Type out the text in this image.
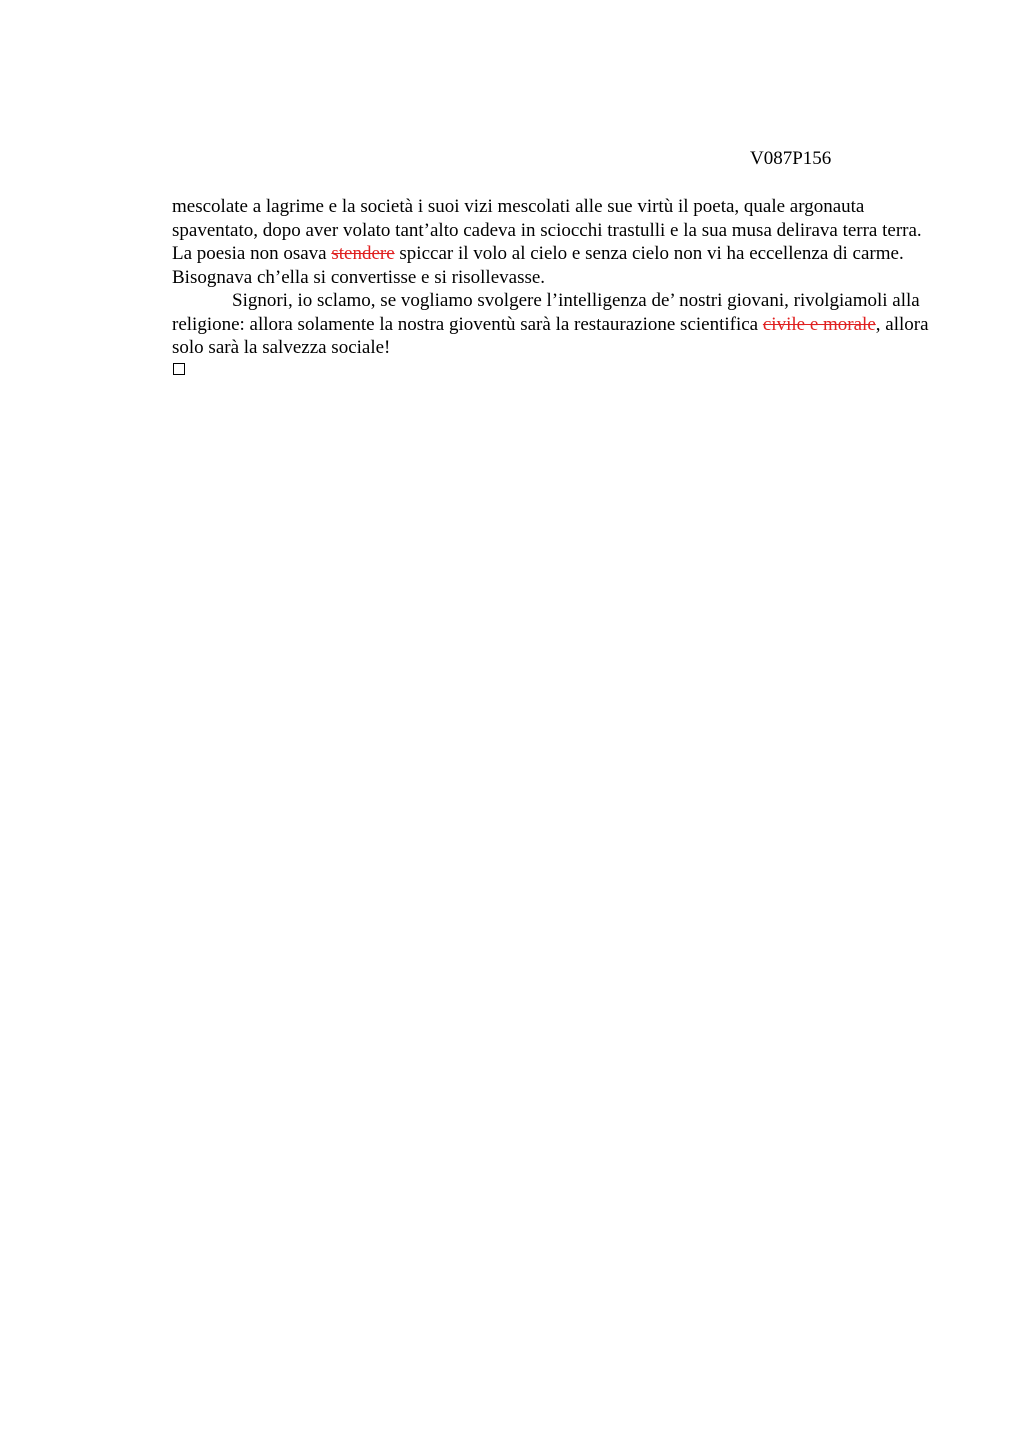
V087P156

mescolate a lagrime e la società i suoi vizi mescolati alle sue virtù il poeta, quale argonauta spaventato, dopo aver volato tant’alto cadeva in sciocchi trastulli e la sua musa delirava terra terra. La poesia non osava stendere spiccar il volo al cielo e senza cielo non vi ha eccellenza di carme. Bisognava ch’ella si convertisse e si risollevasse.

Signori, io sclamo, se vogliamo svolgere l’intelligenza de’ nostri giovani, rivolgiamoli alla religione: allora solamente la nostra gioventù sarà la restaurazione scientifica civile e morale, allora solo sarà la salvezza sociale!
